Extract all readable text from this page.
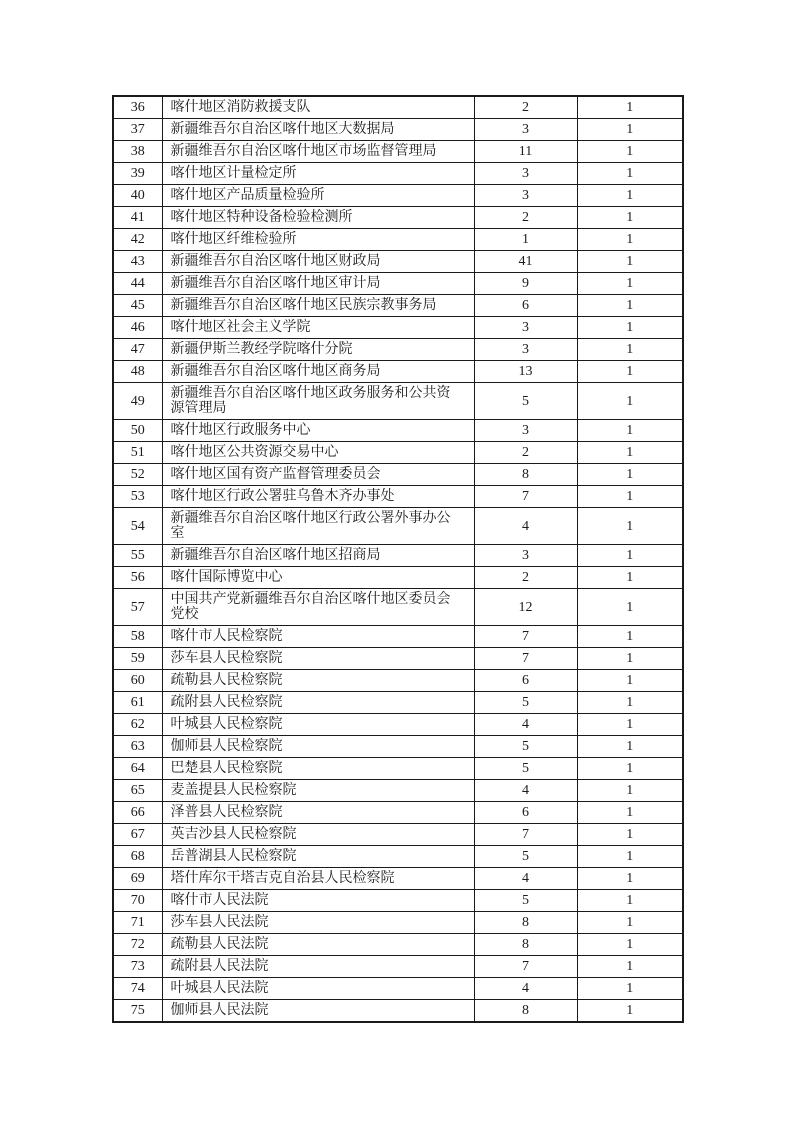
36	喀什地区消防救援支队	2	1
37	新疆维吾尔自治区喀什地区大数据局	3	1
38	新疆维吾尔自治区喀什地区市场监督管理局	11	1
39	喀什地区计量检定所	3	1
40	喀什地区产品质量检验所	3	1
41	喀什地区特种设备检验检测所	2	1
42	喀什地区纤维检验所	1	1
43	新疆维吾尔自治区喀什地区财政局	41	1
44	新疆维吾尔自治区喀什地区审计局	9	1
45	新疆维吾尔自治区喀什地区民族宗教事务局	6	1
46	喀什地区社会主义学院	3	1
47	新疆伊斯兰教经学院喀什分院	3	1
48	新疆维吾尔自治区喀什地区商务局	13	1
49	新疆维吾尔自治区喀什地区政务服务和公共资源管理局	5	1
50	喀什地区行政服务中心	3	1
51	喀什地区公共资源交易中心	2	1
52	喀什地区国有资产监督管理委员会	8	1
53	喀什地区行政公署驻乌鲁木齐办事处	7	1
54	新疆维吾尔自治区喀什地区行政公署外事办公室	4	1
55	新疆维吾尔自治区喀什地区招商局	3	1
56	喀什国际博览中心	2	1
57	中国共产党新疆维吾尔自治区喀什地区委员会党校	12	1
58	喀什市人民检察院	7	1
59	莎车县人民检察院	7	1
60	疏勒县人民检察院	6	1
61	疏附县人民检察院	5	1
62	叶城县人民检察院	4	1
63	伽师县人民检察院	5	1
64	巴楚县人民检察院	5	1
65	麦盖提县人民检察院	4	1
66	泽普县人民检察院	6	1
67	英吉沙县人民检察院	7	1
68	岳普湖县人民检察院	5	1
69	塔什库尔干塔吉克自治县人民检察院	4	1
70	喀什市人民法院	5	1
71	莎车县人民法院	8	1
72	疏勒县人民法院	8	1
73	疏附县人民法院	7	1
74	叶城县人民法院	4	1
75	伽师县人民法院	8	1
